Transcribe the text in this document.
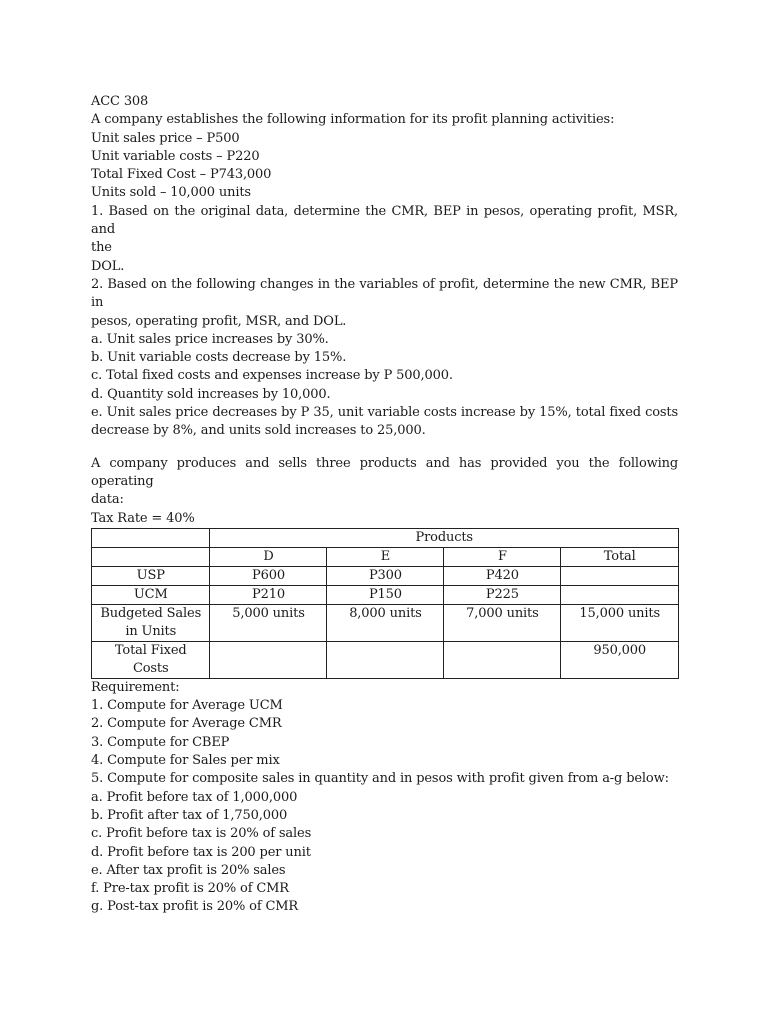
ACC 308
A company establishes the following information for its profit planning activities:
Unit sales price – P500
Unit variable costs – P220
Total Fixed Cost – P743,000
Units sold – 10,000 units
1. Based on the original data, determine the CMR, BEP in pesos, operating profit, MSR, and
the
DOL.
2. Based on the following changes in the variables of profit, determine the new CMR, BEP
in
pesos, operating profit, MSR, and DOL.
a. Unit sales price increases by 30%.
b. Unit variable costs decrease by 15%.
c. Total fixed costs and expenses increase by P 500,000.
d. Quantity sold increases by 10,000.
e. Unit sales price decreases by P 35, unit variable costs increase by 15%, total fixed costs
decrease by 8%, and units sold increases to 25,000.
A company produces and sells three products and has provided you the following operating
data:
Tax Rate = 40%
	Products			
	D	E	F	Total
USP	P600	P300	P420	
UCM	P210	P150	P225	

Budgeted Sales
in Units	5,000 units	8,000 units	7,000 units	15,000 units

Total Fixed
Costs				950,000
Requirement:
1. Compute for Average UCM
2. Compute for Average CMR
3. Compute for CBEP
4. Compute for Sales per mix
5. Compute for composite sales in quantity and in pesos with profit given from a-g below:
a. Profit before tax of 1,000,000
b. Profit after tax of 1,750,000
c. Profit before tax is 20% of sales
d. Profit before tax is 200 per unit
e. After tax profit is 20% sales
f. Pre-tax profit is 20% of CMR
g. Post-tax profit is 20% of CMR
